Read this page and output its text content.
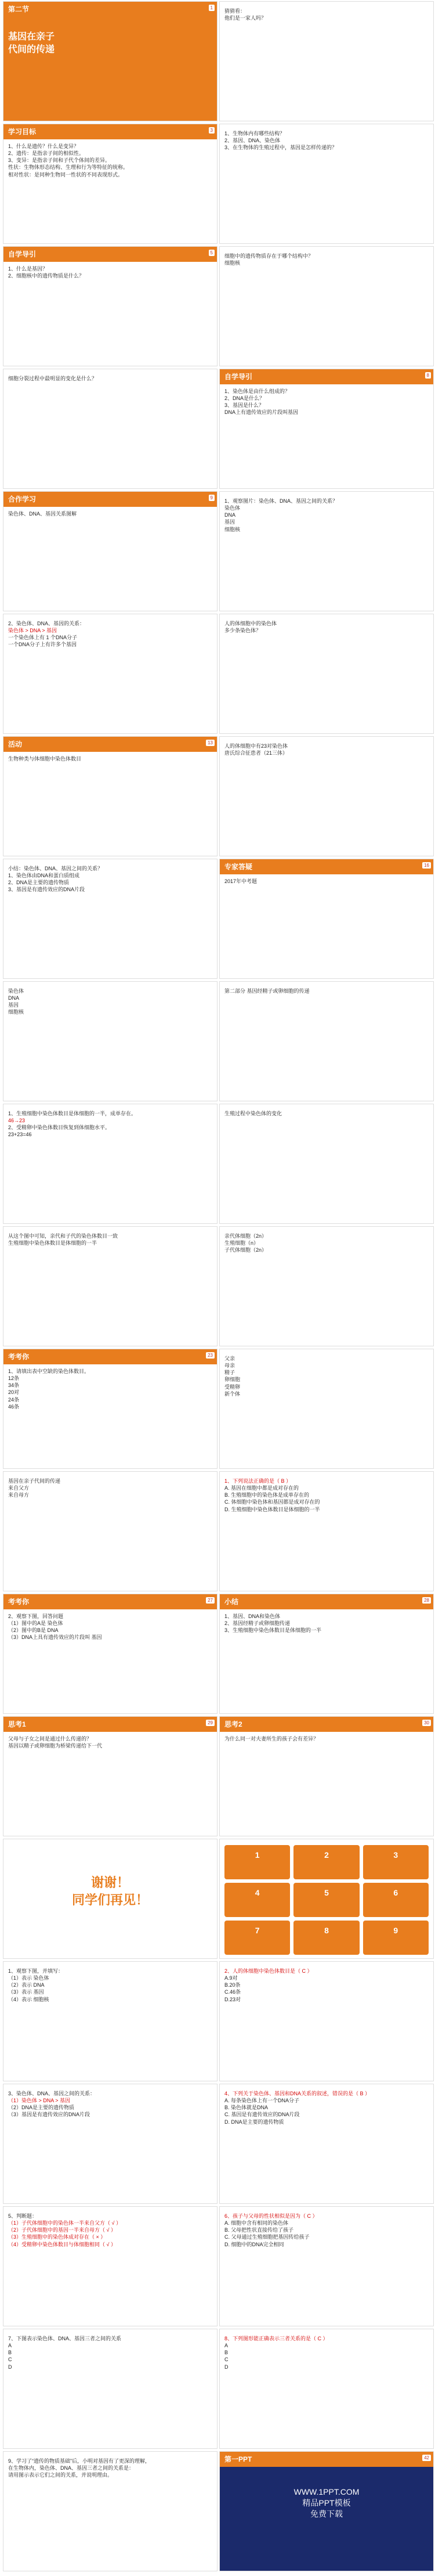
第二节
基因在亲子
代间的传递
1
猜猜看：
他们是一家人吗？
学习目标
1、什么是遗传？什么是变异？
2、遗传：是指亲子间的相似性。
3、变异：是指亲子间和子代个体间的差异。
性状：生物体形态结构、生理和行为等特征的统称。
相对性状：是同种生物同一性状的不同表现形式。
3
1、生物体内有哪些结构？
2、基因、DNA、染色体
3、在生物体的生殖过程中，基因是怎样传递的？
自学导引
1、什么是基因？
2、细胞核中的遗传物质是什么？
5
细胞中的遗传物质存在于哪个结构中？
细胞核
细胞分裂过程中最明显的变化是什么？	自学导引
1、染色体是由什么组成的？
2、DNA是什么？
3、基因是什么？
DNA上有遗传效应的片段叫基因
8
合作学习
染色体、DNA、基因关系图解
9
1、观察图片：染色体、DNA、基因之间的关系？
染色体
DNA
基因
细胞核
2、染色体、DNA、基因的关系：
染色体 > DNA > 基因
一个染色体上有 1 个DNA分子
一个DNA分子上有许多个基因
人的体细胞中的染色体
多少条染色体？
活动
生物种类与体细胞中染色体数目
13
人的体细胞中有23对染色体
唐氏综合征患者（21三体）
小结：染色体、DNA、基因之间的关系？
1、染色体由DNA和蛋白质组成
2、DNA是主要的遗传物质
3、基因是有遗传效应的DNA片段
专家答疑
2017年中考题
16
染色体
DNA
基因
细胞核
第二部分 基因经精子或卵细胞的传递
1、生殖细胞中染色体数目是体细胞的一半，成单存在。
46→23
2、受精卵中染色体数目恢复到体细胞水平。
23+23=46
生殖过程中染色体的变化
从这个图中可知，亲代和子代的染色体数目一致
生殖细胞中染色体数目是体细胞的一半
亲代体细胞（2n）
生殖细胞（n）
子代体细胞（2n）
考考你
1、请填出表中空缺的染色体数目。
12条
34条
20对
24条
46条
23
父亲
母亲
精子
卵细胞
受精卵
新个体
基因在亲子代间的传递
来自父方
来自母方
1、下列说法正确的是（ B ）
A. 基因在细胞中都是成对存在的
B. 生殖细胞中的染色体是成单存在的
C. 体细胞中染色体和基因都是成对存在的
D. 生殖细胞中染色体数目是体细胞的一半
考考你
2、观察下图，回答问题
（1）图中的A是 染色体
（2）图中的B是 DNA
（3）DNA上具有遗传效应的片段叫 基因
27 小结
1、基因、DNA和染色体
2、基因经精子或卵细胞传递
3、生殖细胞中染色体数目是体细胞的一半
28
思考1
父母与子女之间是通过什么传递的？
基因以精子或卵细胞为桥梁传递给下一代
29 思考2
为什么同一对夫妻所生的孩子会有差异？
30
谢谢！
同学们再见！
1	2	3
4	5	6
7	8	9
1、观察下图，并填写：
（1）表示 染色体
（2）表示 DNA
（3）表示 基因
（4）表示 细胞核
2、人的体细胞中染色体数目是（ C ）
A.9对
B.20条
C.46条
D.23对
3、染色体、DNA、基因之间的关系：
（1）染色体 > DNA > 基因
（2）DNA是主要的遗传物质
（3）基因是有遗传效应的DNA片段
4、下列关于染色体、基因和DNA关系的叙述，错误的是（ B ）
A. 每条染色体上有一个DNA分子
B. 染色体就是DNA
C. 基因是有遗传效应的DNA片段
D. DNA是主要的遗传物质
5、判断题：
（1）子代体细胞中的染色体一半来自父方（ √ ）
（2）子代体细胞中的基因一半来自母方（ √ ）
（3）生殖细胞中的染色体成对存在（ × ）
（4）受精卵中染色体数目与体细胞相同（ √ ）
6、孩子与父母的性状相似是因为（ C ）
A. 细胞中含有相同的染色体
B. 父母把性状直接传给了孩子
C. 父母通过生殖细胞把基因传给孩子
D. 细胞中的DNA完全相同
7、下图表示染色体、DNA、基因三者之间的关系
A
B
C
D
8、下列图形能正确表示三者关系的是（ C ）
A
B
C
D
9、学习了“遗传的物质基础”后，小明对基因有了更深的理解，
在生物体内，染色体、DNA、基因三者之间的关系是：
请用图示表示它们之间的关系，并说明理由。
第一PPT
WWW.1PPT.COM
精品PPT模板
免费下载
42
